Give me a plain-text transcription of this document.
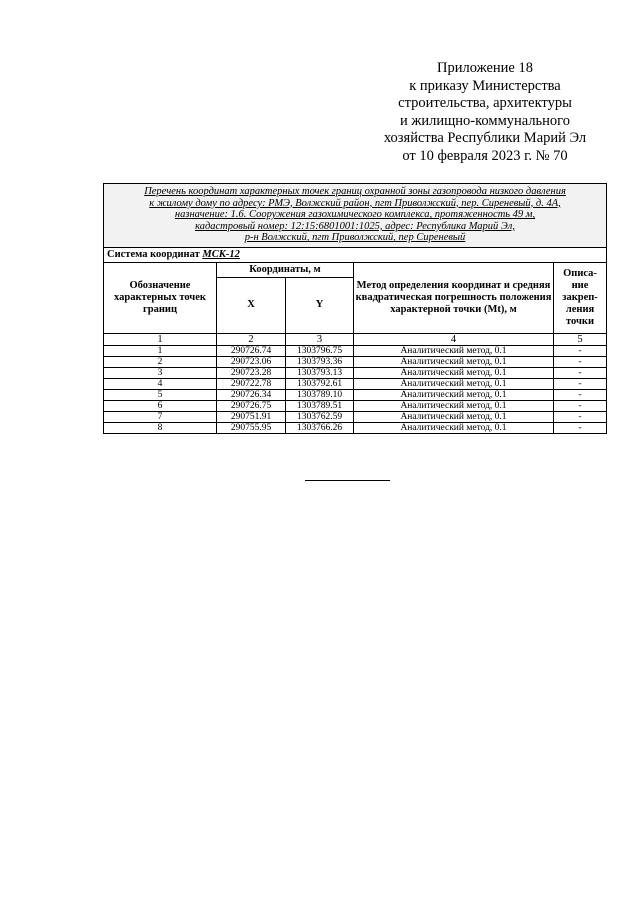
Приложение 18
к приказу Министерства
строительства, архитектуры
и жилищно-коммунального
хозяйства Республики Марий Эл
от 10 февраля 2023 г. № 70
Перечень координат характерных точек границ охранной зоны газопровода низкого давления
к жилому дому по адресу: РМЭ, Волжский район, пгт Приволжский, пер. Сиреневый, д. 4А,
назначение: 1.6. Сооружения газохимического комплекса, протяженность 49 м,
кадастровый номер: 12:15:6801001:1025, адрес: Республика Марий Эл,
р-н Волжский, пгт Приволжский, пер Сиреневый				

Система координат МСК-12				
Обозначение характерных точек границ	Координаты, м		Метод определения координат и средняя квадратическая погрешность положения характерной точки (Mt), м	Описа-ние закреп-ления точки
	X	Y		
1	2	3	4	5
1	290726.74	1303796.75	Аналитический метод, 0.1	-
2	290723.06	1303793.36	Аналитический метод, 0.1	-
3	290723.28	1303793.13	Аналитический метод, 0.1	-
4	290722.78	1303792.61	Аналитический метод, 0.1	-
5	290726.34	1303789.10	Аналитический метод, 0.1	-
6	290726.75	1303789.51	Аналитический метод, 0.1	-
7	290751.91	1303762.59	Аналитический метод, 0.1	-
8	290755.95	1303766.26	Аналитический метод, 0.1	-
